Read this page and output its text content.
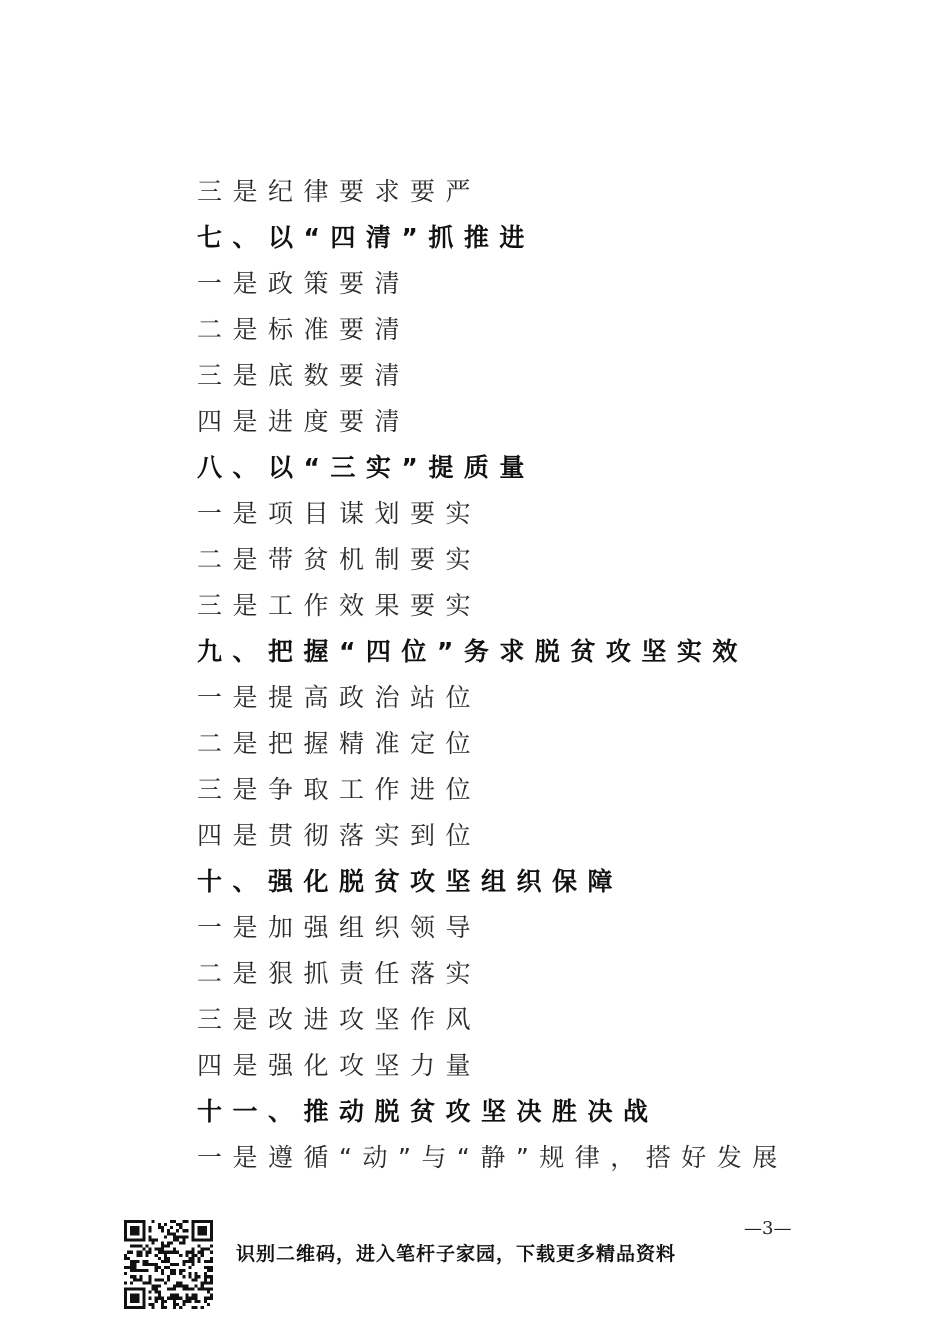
三是纪律要求要严
七、以“四清”抓推进
一是政策要清
二是标准要清
三是底数要清
四是进度要清
八、以“三实”提质量
一是项目谋划要实
二是带贫机制要实
三是工作效果要实
九、把握“四位”务求脱贫攻坚实效
一是提高政治站位
二是把握精准定位
三是争取工作进位
四是贯彻落实到位
十、强化脱贫攻坚组织保障
一是加强组织领导
二是狠抓责任落实
三是改进攻坚作风
四是强化攻坚力量
十一、推动脱贫攻坚决胜决战
一是遵循“动”与“静”规律，搭好发展
—3—
识别二维码，进入笔杆子家园，下载更多精品资料
